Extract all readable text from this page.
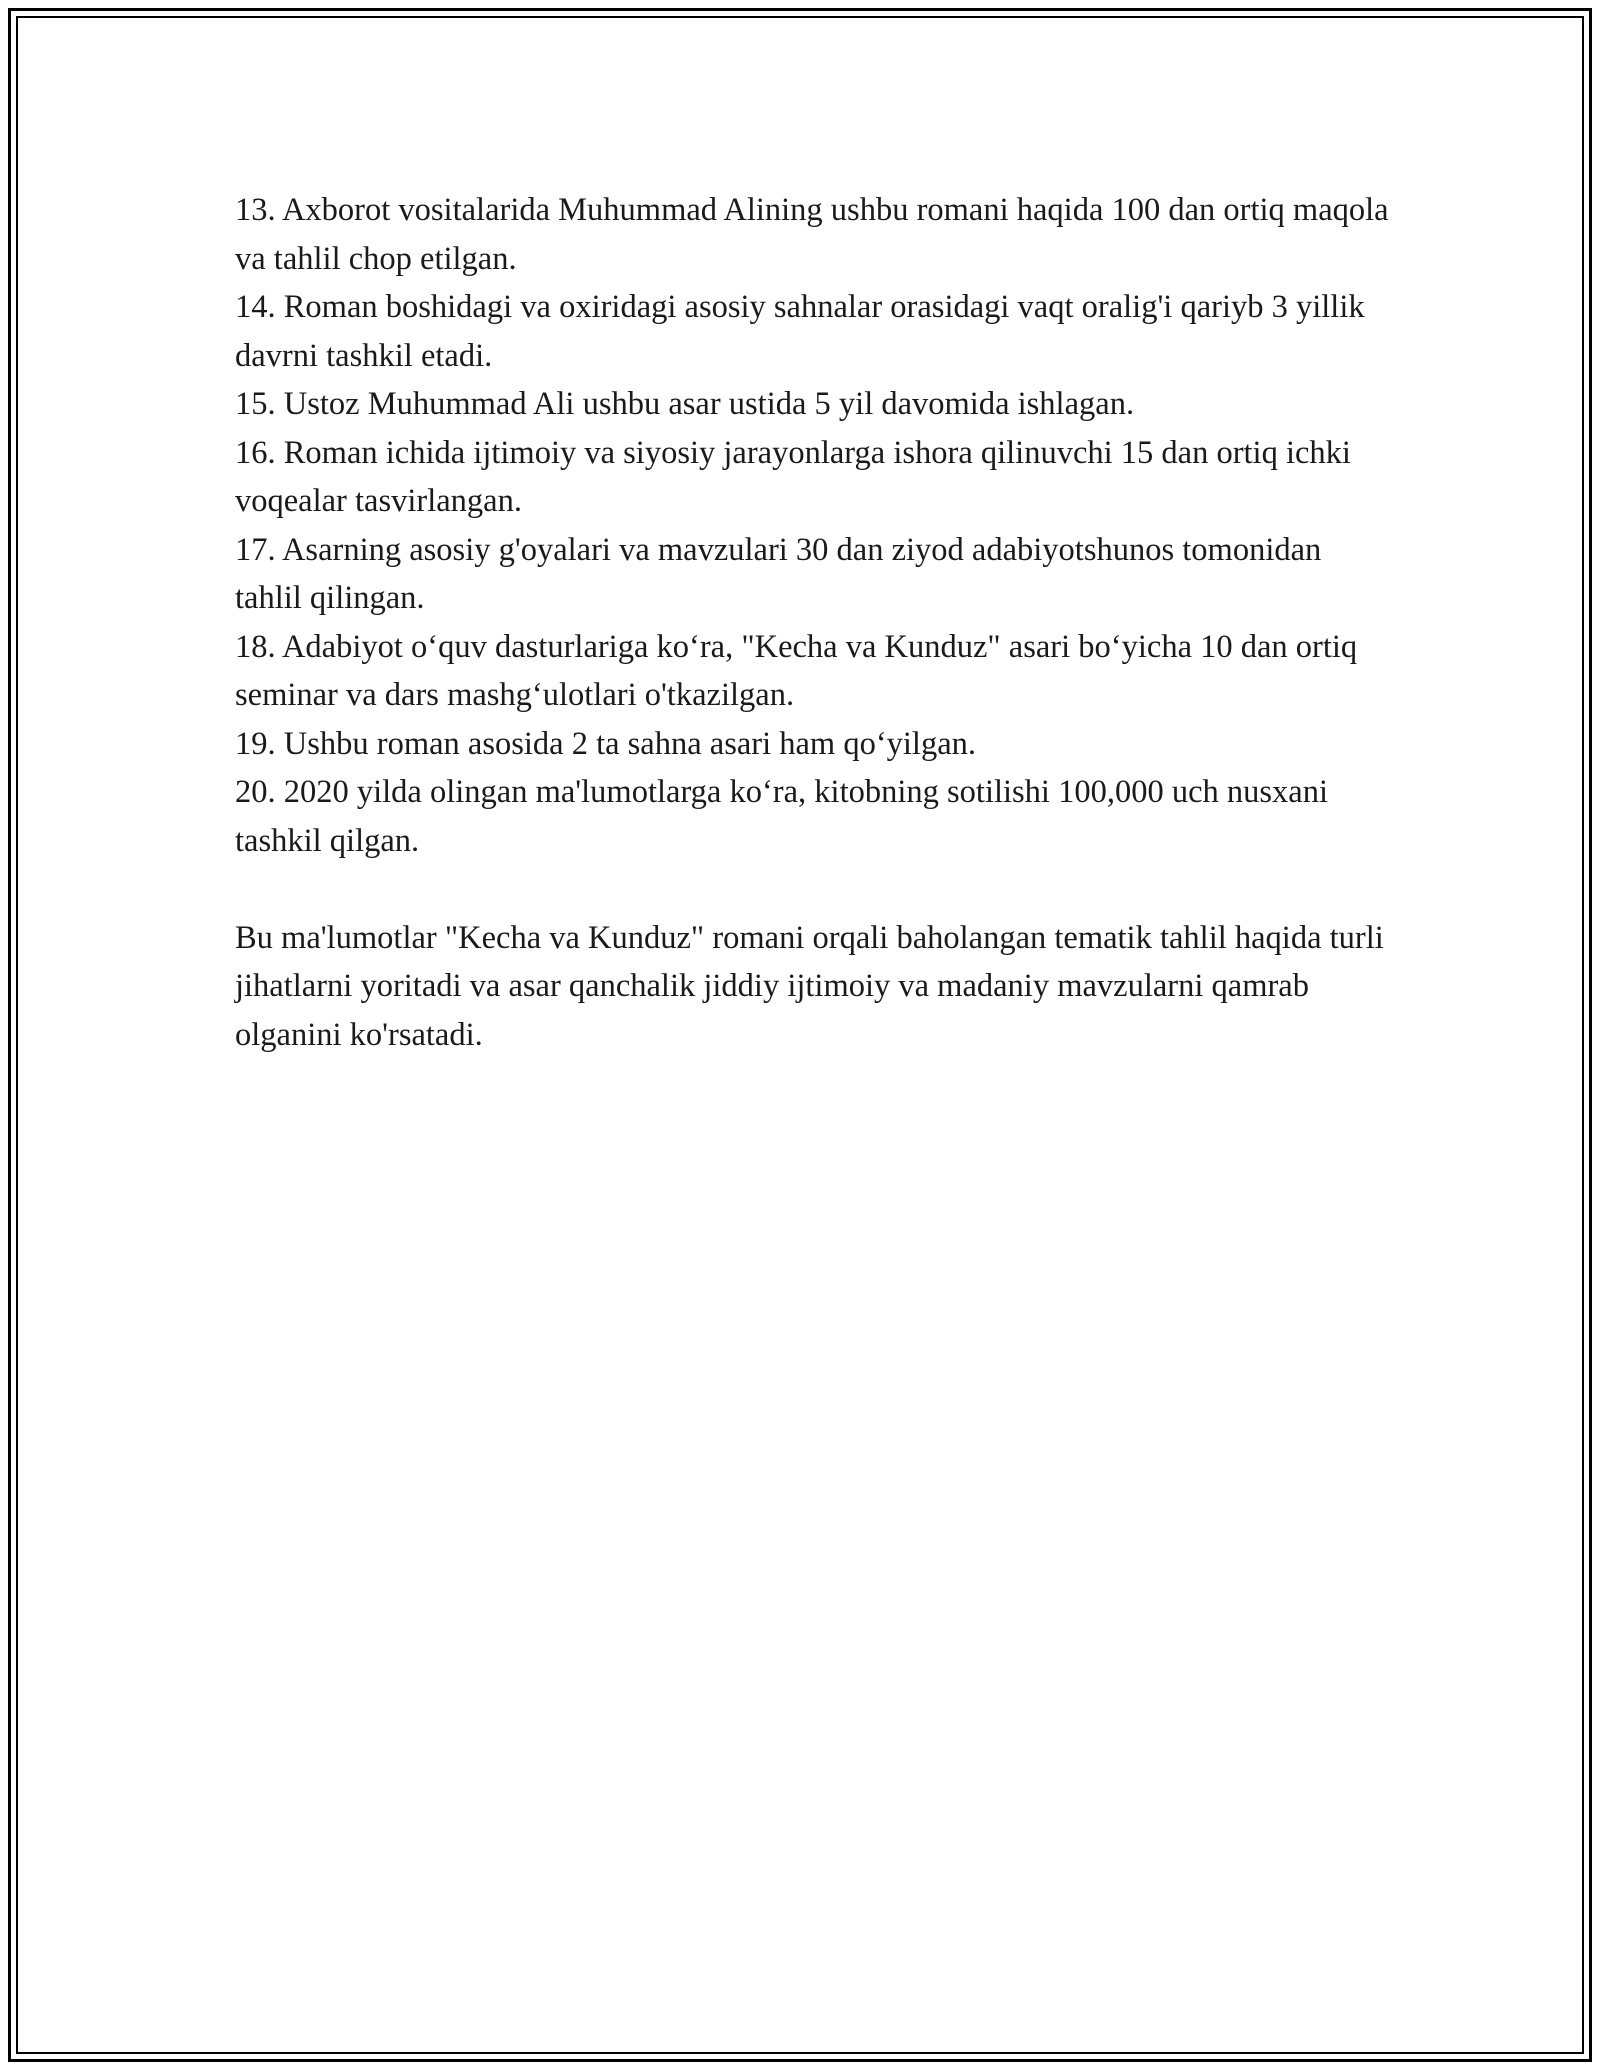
13. Axborot vositalarida Muhummad Alining ushbu romani haqida 100 dan ortiq maqola va tahlil chop etilgan.

14. Roman boshidagi va oxiridagi asosiy sahnalar orasidagi vaqt oralig'i qariyb 3 yillik davrni tashkil etadi.

15. Ustoz Muhummad Ali ushbu asar ustida 5 yil davomida ishlagan.

16. Roman ichida ijtimoiy va siyosiy jarayonlarga ishora qilinuvchi 15 dan ortiq ichki voqealar tasvirlangan.

17. Asarning asosiy g'oyalari va mavzulari 30 dan ziyod adabiyotshunos tomonidan tahlil qilingan.

18. Adabiyot o‘quv dasturlariga ko‘ra, "Kecha va Kunduz" asari bo‘yicha 10 dan ortiq seminar va dars mashg‘ulotlari o'tkazilgan.

19. Ushbu roman asosida 2 ta sahna asari ham qo‘yilgan.

20. 2020 yilda olingan ma'lumotlarga ko‘ra, kitobning sotilishi 100,000 uch nusxani tashkil qilgan.

Bu ma'lumotlar "Kecha va Kunduz" romani orqali baholangan tematik tahlil haqida turli jihatlarni yoritadi va asar qanchalik jiddiy ijtimoiy va madaniy mavzularni qamrab olganini ko'rsatadi.
